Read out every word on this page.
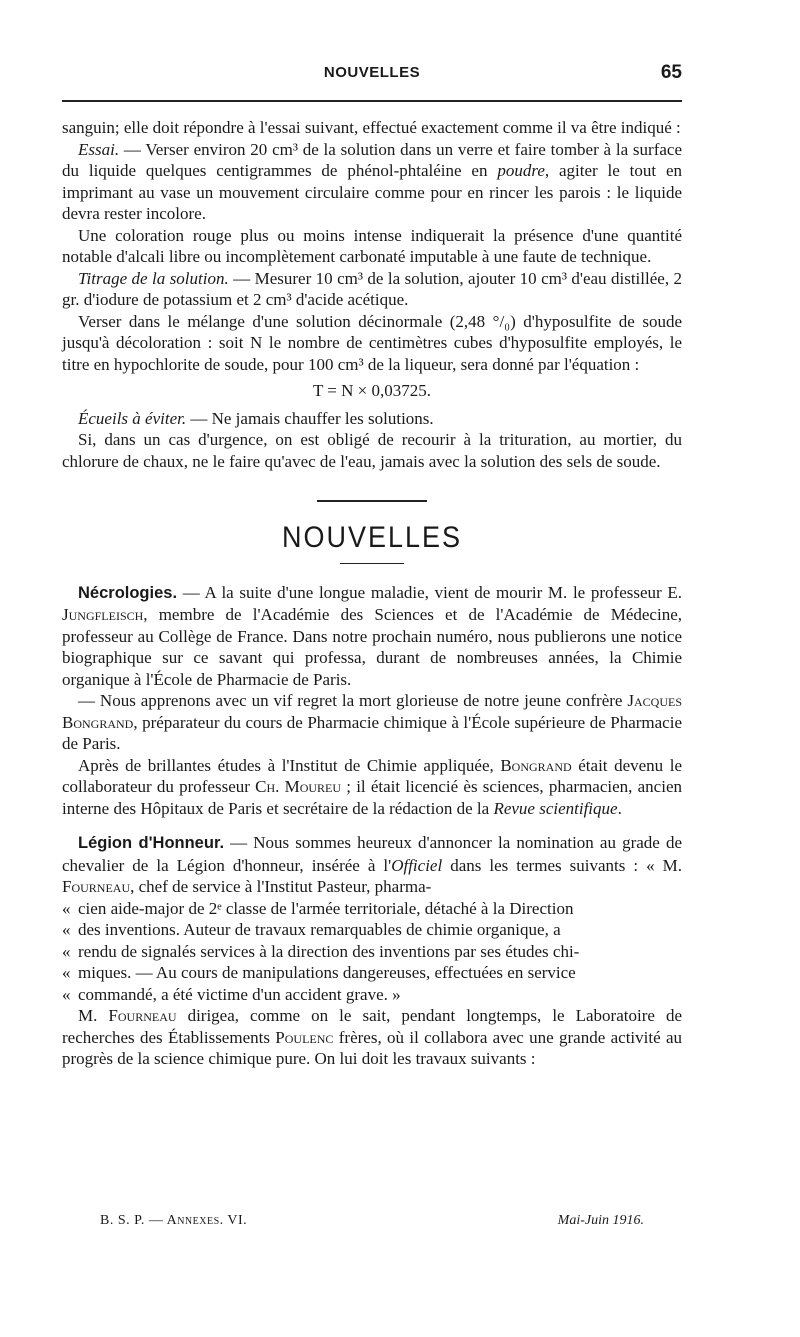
NOUVELLES	65

sanguin; elle doit répondre à l'essai suivant, effectué exactement comme il va être indiqué :

Essai. — Verser environ 20 cm³ de la solution dans un verre et faire tomber à la surface du liquide quelques centigrammes de phénol-phtaléine en poudre, agiter le tout en imprimant au vase un mouvement circulaire comme pour en rincer les parois : le liquide devra rester incolore.

Une coloration rouge plus ou moins intense indiquerait la présence d'une quantité notable d'alcali libre ou incomplètement carbonaté imputable à une faute de technique.

Titrage de la solution. — Mesurer 10 cm³ de la solution, ajouter 10 cm³ d'eau distillée, 2 gr. d'iodure de potassium et 2 cm³ d'acide acétique.

Verser dans le mélange d'une solution décinormale (2,48 °/₀) d'hyposulfite de soude jusqu'à décoloration : soit N le nombre de centimètres cubes d'hyposulfite employés, le titre en hypochlorite de soude, pour 100 cm³ de la liqueur, sera donné par l'équation :

T = N × 0,03725.

Écueils à éviter. — Ne jamais chauffer les solutions.

Si, dans un cas d'urgence, on est obligé de recourir à la trituration, au mortier, du chlorure de chaux, ne le faire qu'avec de l'eau, jamais avec la solution des sels de soude.

NOUVELLES

Nécrologies. — A la suite d'une longue maladie, vient de mourir M. le professeur E. Jungfleisch, membre de l'Académie des Sciences et de l'Académie de Médecine, professeur au Collège de France. Dans notre prochain numéro, nous publierons une notice biographique sur ce savant qui professa, durant de nombreuses années, la Chimie organique à l'École de Pharmacie de Paris.

— Nous apprenons avec un vif regret la mort glorieuse de notre jeune confrère Jacques Bongrand, préparateur du cours de Pharmacie chimique à l'École supérieure de Pharmacie de Paris.

Après de brillantes études à l'Institut de Chimie appliquée, Bongrand était devenu le collaborateur du professeur Ch. Moureu ; il était licencié ès sciences, pharmacien, ancien interne des Hôpitaux de Paris et secrétaire de la rédaction de la Revue scientifique.

Légion d'Honneur. — Nous sommes heureux d'annoncer la nomination au grade de chevalier de la Légion d'honneur, insérée à l'Officiel dans les termes suivants : « M. Fourneau, chef de service à l'Institut Pasteur, pharma-

« cien aide-major de 2ᵉ classe de l'armée territoriale, détaché à la Direction

« des inventions. Auteur de travaux remarquables de chimie organique, a

« rendu de signalés services à la direction des inventions par ses études chi-

« miques. — Au cours de manipulations dangereuses, effectuées en service

« commandé, a été victime d'un accident grave. »

M. Fourneau dirigea, comme on le sait, pendant longtemps, le Laboratoire de recherches des Établissements Poulenc frères, où il collabora avec une grande activité au progrès de la science chimique pure. On lui doit les travaux suivants :

B. S. P. — Annexes. VI.	Mai-Juin 1916.
